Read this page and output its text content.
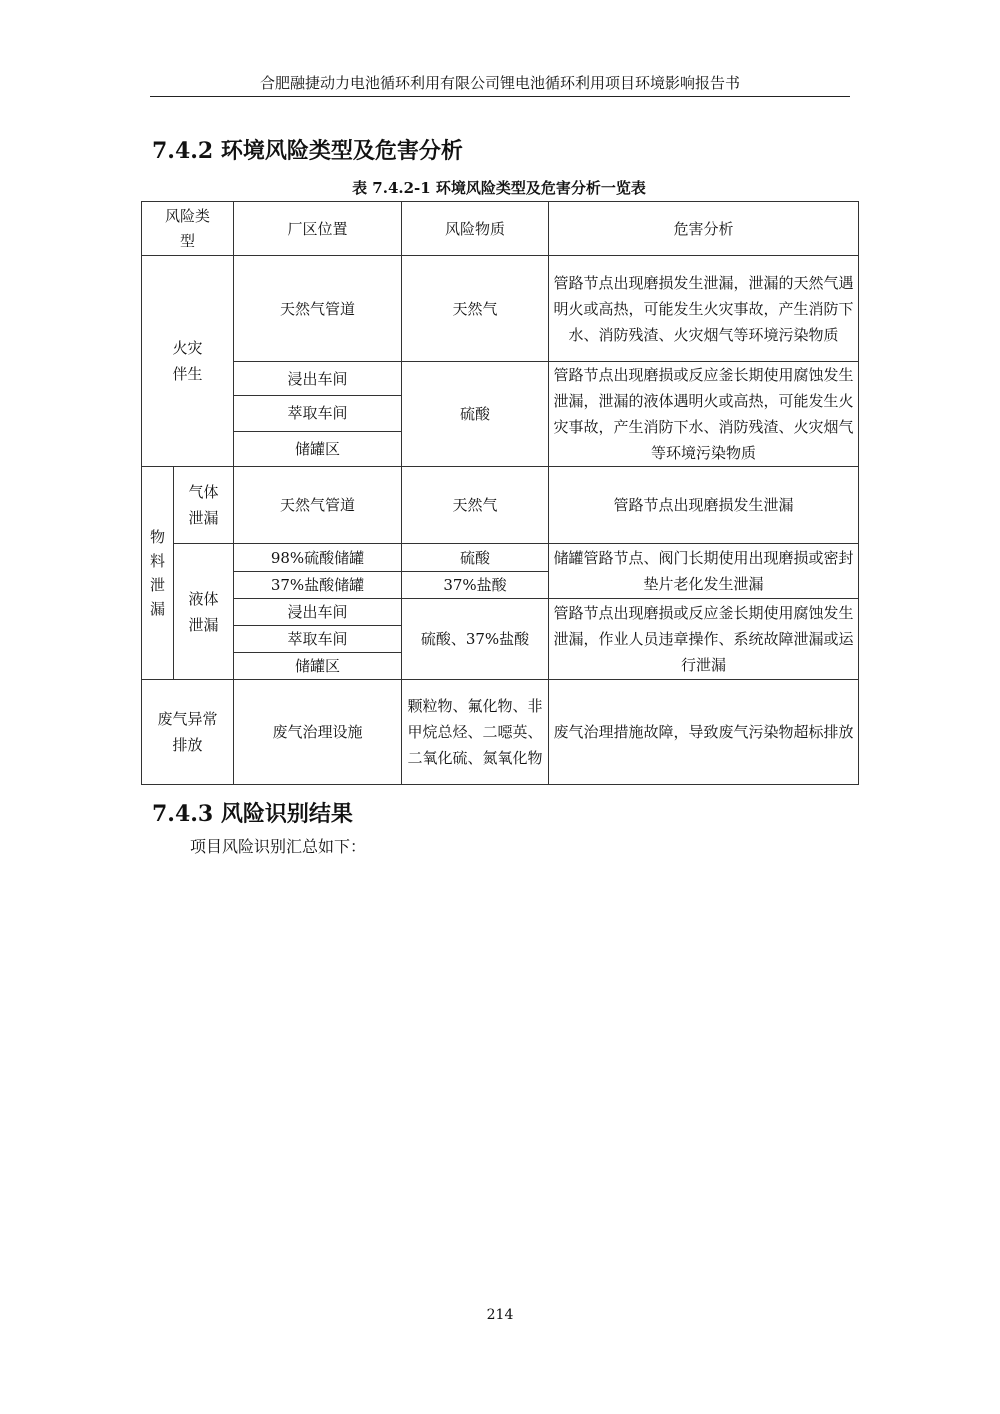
合肥融捷动力电池循环利用有限公司锂电池循环利用项目环境影响报告书
7.4.2 环境风险类型及危害分析
表 7.4.2-1 环境风险类型及危害分析一览表
风险类型		厂区位置	风险物质	危害分析

火灾伴生		天然气管道	天然气	管路节点出现磨损发生泄漏，泄漏的天然气遇明火或高热，可能发生火灾事故，产生消防下水、消防残渣、火灾烟气等环境污染物质
		浸出车间	硫酸	管路节点出现磨损或反应釜长期使用腐蚀发生泄漏，泄漏的液体遇明火或高热，可能发生火灾事故，产生消防下水、消防残渣、火灾烟气等环境污染物质
		萃取车间		
		储罐区		
物料泄漏	气体泄漏	天然气管道	天然气	管路节点出现磨损发生泄漏

	液体泄漏	98%硫酸储罐	硫酸	储罐管路节点、阀门长期使用出现磨损或密封垫片老化发生泄漏
		37%盐酸储罐	37%盐酸	
		浸出车间	硫酸、37%盐酸	管路节点出现磨损或反应釜长期使用腐蚀发生泄漏，作业人员违章操作、系统故障泄漏或运行泄漏
		萃取车间		
		储罐区		

废气异常排放		废气治理设施	颗粒物、氟化物、非甲烷总烃、二噁英、二氧化硫、氮氧化物	废气治理措施故障，导致废气污染物超标排放
7.4.3 风险识别结果
项目风险识别汇总如下：
214
